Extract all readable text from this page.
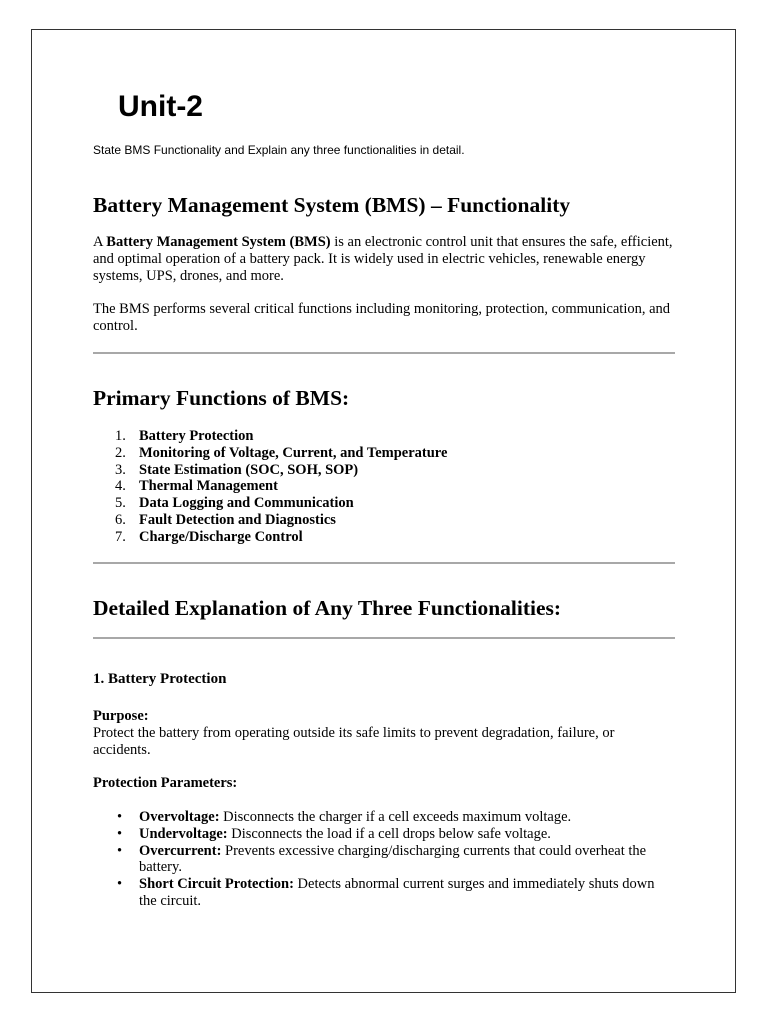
Unit-2

State BMS Functionality and Explain any three functionalities in detail.

Battery Management System (BMS) – Functionality

A Battery Management System (BMS) is an electronic control unit that ensures the safe, efficient, and optimal operation of a battery pack. It is widely used in electric vehicles, renewable energy systems, UPS, drones, and more.

The BMS performs several critical functions including monitoring, protection, communication, and control.

Primary Functions of BMS:
1. Battery Protection
2. Monitoring of Voltage, Current, and Temperature
3. State Estimation (SOC, SOH, SOP)
4. Thermal Management
5. Data Logging and Communication
6. Fault Detection and Diagnostics
7. Charge/Discharge Control
Detailed Explanation of Any Three Functionalities:
1. Battery Protection

Purpose:
Protect the battery from operating outside its safe limits to prevent degradation, failure, or accidents.

Protection Parameters:

• Overvoltage: Disconnects the charger if a cell exceeds maximum voltage.
• Undervoltage: Disconnects the load if a cell drops below safe voltage.
• Overcurrent: Prevents excessive charging/discharging currents that could overheat the battery.
• Short Circuit Protection: Detects abnormal current surges and immediately shuts down the circuit.
